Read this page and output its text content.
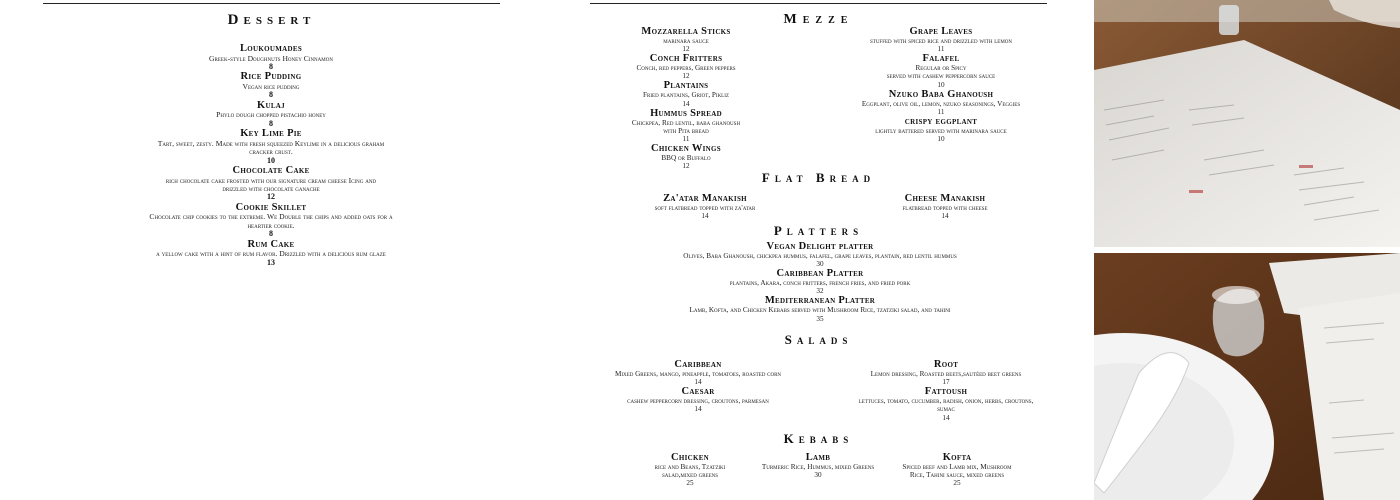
Dessert
Loukoumades
Greek-style Doughnuts Honey Cinnamon
8
Rice Pudding
Vegan rice pudding
8
Kulaj
Phylo dough chopped pistachio honey
8
Key Lime Pie
Tart, sweet, zesty. Made with fresh squeezed Keylime in a delicious graham cracker crust.
10
Chocolate Cake
rich chocolate cake frosted with our signature cream cheese Icing and drizzled with chocolate ganache
12
Cookie Skillet
Chocolate chip cookies to the extreme. We Double the chips and added oats for a heartier cookie.
8
Rum Cake
a yellow cake with a hint of rum flavor. Drizzled with a delicious rum glaze
13
Mezze
Mozzarella Sticks
marinara sauce
12
Conch Fritters
Conch, red peppers, Green peppers
12
Plantains
Fried plantains, Griot, Pikliz
14
Hummus Spread
Chickpea, Red lentil, baba ghanoush with Pita bread
11
Chicken Wings
BBQ or Buffalo
12
Grape Leaves
stuffed with spiced rice and drizzled with lemon
11
Falafel
Regular or Spicy
served with cashew peppercorn sauce
10
Nzuko Baba Ghanoush
Eggplant, olive oil, lemon, nzuko seasonings, Veggies
11
crispy eggplant
lightly battered served with marinara sauce
10
Flat Bread
Za'atar Manakish
soft flatbread topped with za'atar
14
Cheese Manakish
flatbread topped with cheese
14
Platters
Vegan Delight platter
Olives, Baba Ghanoush, chickpea hummus, falafel, grape leaves, plantain, red lentil hummus
30
Caribbean Platter
plantains, Akara, conch fritters, french fries, and fried pork
32
Mediterranean Platter
Lamb, Kofta, and Chicken Kebabs served with Mushroom Rice, tzatziki salad, and tahini
35
Salads
Caribbean
Mixed Greens, mango, pineapple, tomatoes, roasted corn
14
Caesar
cashew peppercorn dressing, croutons, parmesan
14
Root
Lemon dressing, Roasted beets,sautéed beet greens
17
Fattoush
lettuces, tomato, cucumber, radish, onion, herbs, croutons, sumac
14
Kebabs
Chicken
rice and Beans, Tzatziki salad,mixed greens
25
Lamb
Turmeric Rice, Hummus, mixed Greens
30
Kofta
Spiced beef and Lamb mix, Mushroom Rice, Tahini sauce, mixed greens
25
